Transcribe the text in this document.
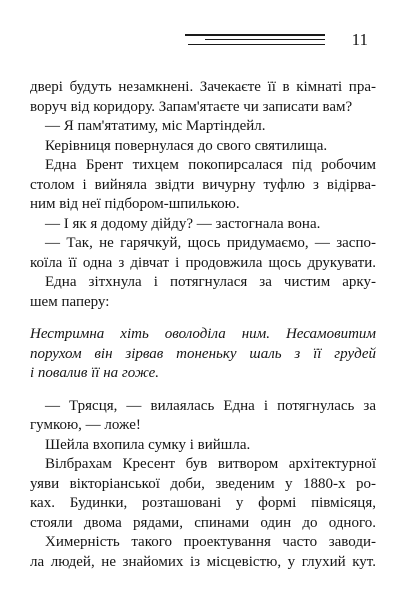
11
двері будуть незамкнені. Зачекаєте її в кімнаті пра-
воруч від коридору. Запам'ятаєте чи записати вам?
— Я пам'ятатиму, міс Мартіндейл.
Керівниця повернулася до свого святилища.
Една Брент тихцем покопирсалася під робочим
столом і вийняла звідти вичурну туфлю з відірва-
ним від неї підбором-шпилькою.
— І як я додому дійду? — застогнала вона.
— Так, не гарячкуй, щось придумаємо, — заспо-
коїла її одна з дівчат і продовжила щось друкувати.
Една зітхнула і потягнулася за чистим арку-
шем паперу:
Нестримна хіть оволоділа ним. Несамовитим
порухом він зірвав тоненьку шаль з її грудей
і повалив її на гоже.
— Трясця, — вилаялась Една і потягнулась за
гумкою, — ложе!
Шейла вхопила сумку і вийшла.
Вілбрахам Кресент був витвором архітектурної
уяви вікторіанської доби, зведеним у 1880-х ро-
ках. Будинки, розташовані у формі півмісяця,
стояли двома рядами, спинами один до одного.
Химерність такого проектування часто заводи-
ла людей, не знайомих із місцевістю, у глухий кут.
